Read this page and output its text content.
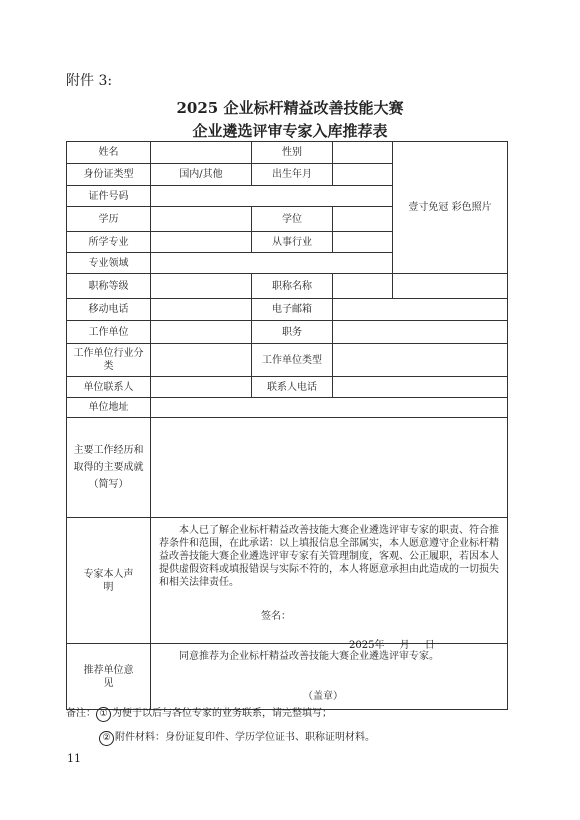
附件 3:
2025 企业标杆精益改善技能大赛
企业遴选评审专家入库推荐表
姓名		性别		壹寸免冠 彩色照片
身份证类型	国内/其他	出生年月		
证件号码				
学历		学位		
所学专业		从事行业		
专业领域				
职称等级		职称名称		
移动电话		电子邮箱		
工作单位		职务		
工作单位行业分类		工作单位类型		
单位联系人		联系人电话		
单位地址				
主要工作经历和取得的主要成就（简写）				
专家本人声明	本人已了解企业标杆精益改善技能大赛企业遴选评审专家的职责、符合推荐条件和范围，在此承诺：以上填报信息全部属实，本人愿意遵守企业标杆精益改善技能大赛企业遴选评审专家有关管理制度，客观、公正履职，若因本人提供虚假资料或填报错误与实际不符的，本人将愿意承担由此造成的一切损失和相关法律责任。

签名：
2025年 月 日			

推荐单位意见	同意推荐为企业标杆精益改善技能大赛企业遴选评审专家。

（盖章）			
备注： ① 为便于以后与各位专家的业务联系，请完整填写；
② 附件材料：身份证复印件、学历学位证书、职称证明材料。
11
